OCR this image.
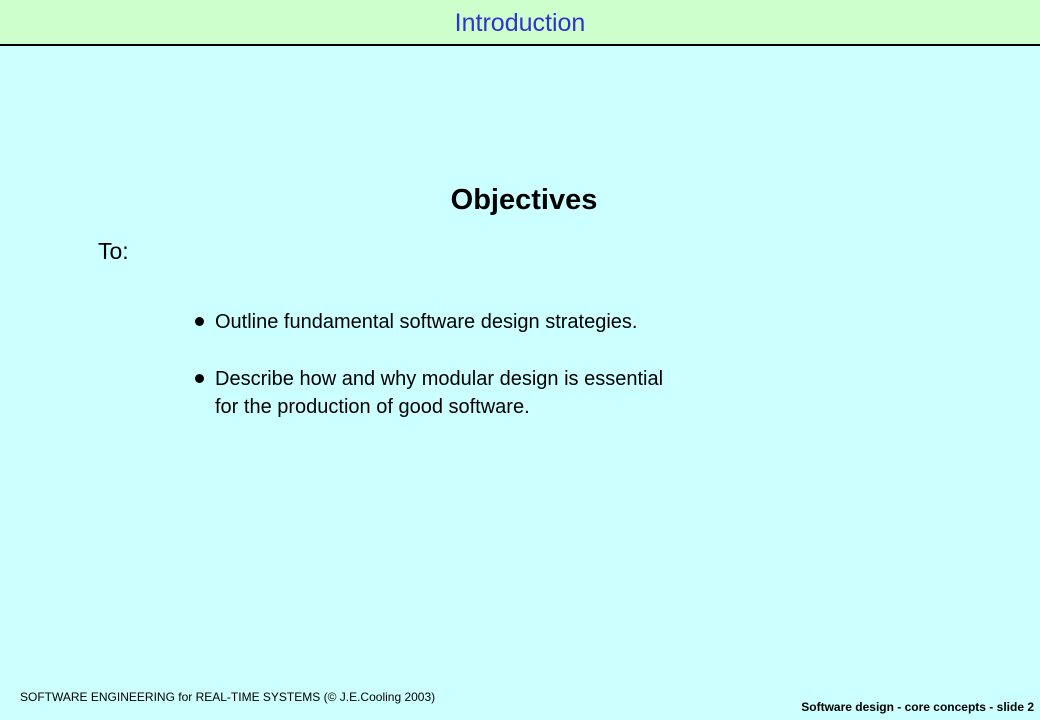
Introduction
Objectives
To:
Outline fundamental software design strategies.
Describe how and why modular design is essential
for the production of good software.
SOFTWARE ENGINEERING for REAL-TIME SYSTEMS (© J.E.Cooling 2003)
Software design - core concepts - slide 2
